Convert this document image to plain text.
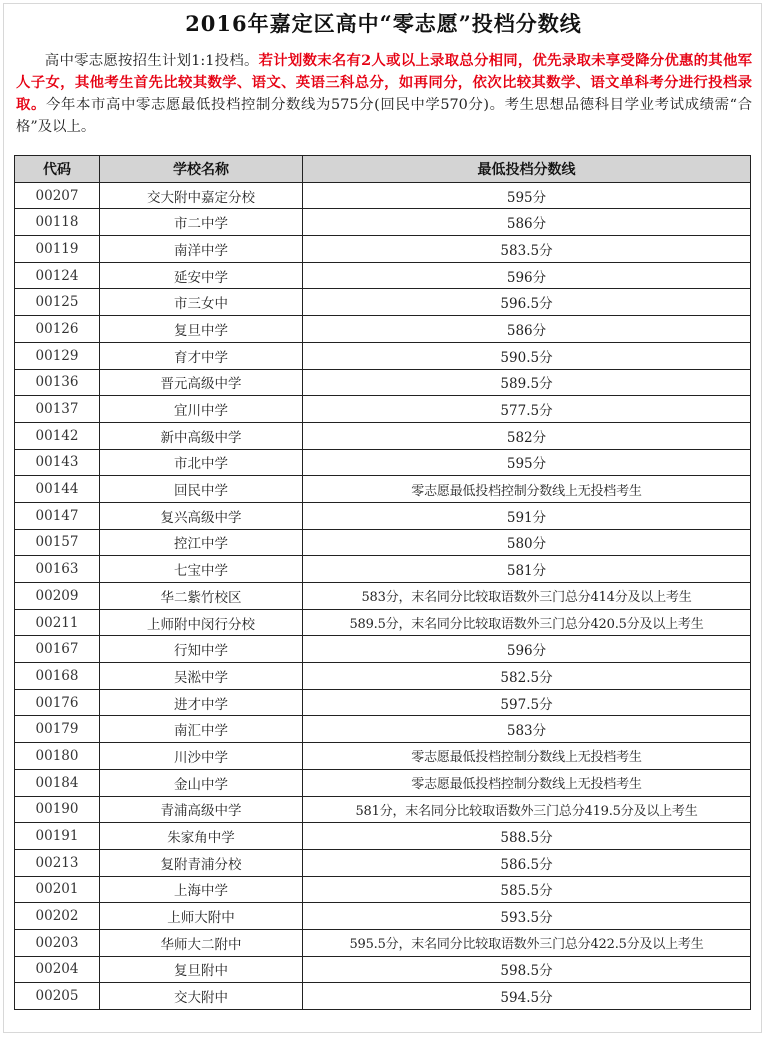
2016年嘉定区高中“零志愿”投档分数线
高中零志愿按招生计划1:1投档。若计划数末名有2人或以上录取总分相同，优先录取未享受降分优惠的其他军人子女，其他考生首先比较其数学、语文、英语三科总分，如再同分，依次比较其数学、语文单科考分进行投档录取。今年本市高中零志愿最低投档控制分数线为575分(回民中学570分)。考生思想品德科目学业考试成绩需“合格”及以上。
代码	学校名称	最低投档分数线
00207	交大附中嘉定分校	595分
00118	市二中学	586分
00119	南洋中学	583.5分
00124	延安中学	596分
00125	市三女中	596.5分
00126	复旦中学	586分
00129	育才中学	590.5分
00136	晋元高级中学	589.5分
00137	宜川中学	577.5分
00142	新中高级中学	582分
00143	市北中学	595分
00144	回民中学	零志愿最低投档控制分数线上无投档考生
00147	复兴高级中学	591分
00157	控江中学	580分
00163	七宝中学	581分
00209	华二紫竹校区	583分，末名同分比较取语数外三门总分414分及以上考生
00211	上师附中闵行分校	589.5分，末名同分比较取语数外三门总分420.5分及以上考生
00167	行知中学	596分
00168	吴淞中学	582.5分
00176	进才中学	597.5分
00179	南汇中学	583分
00180	川沙中学	零志愿最低投档控制分数线上无投档考生
00184	金山中学	零志愿最低投档控制分数线上无投档考生
00190	青浦高级中学	581分，末名同分比较取语数外三门总分419.5分及以上考生
00191	朱家角中学	588.5分
00213	复附青浦分校	586.5分
00201	上海中学	585.5分
00202	上师大附中	593.5分
00203	华师大二附中	595.5分，末名同分比较取语数外三门总分422.5分及以上考生
00204	复旦附中	598.5分
00205	交大附中	594.5分
